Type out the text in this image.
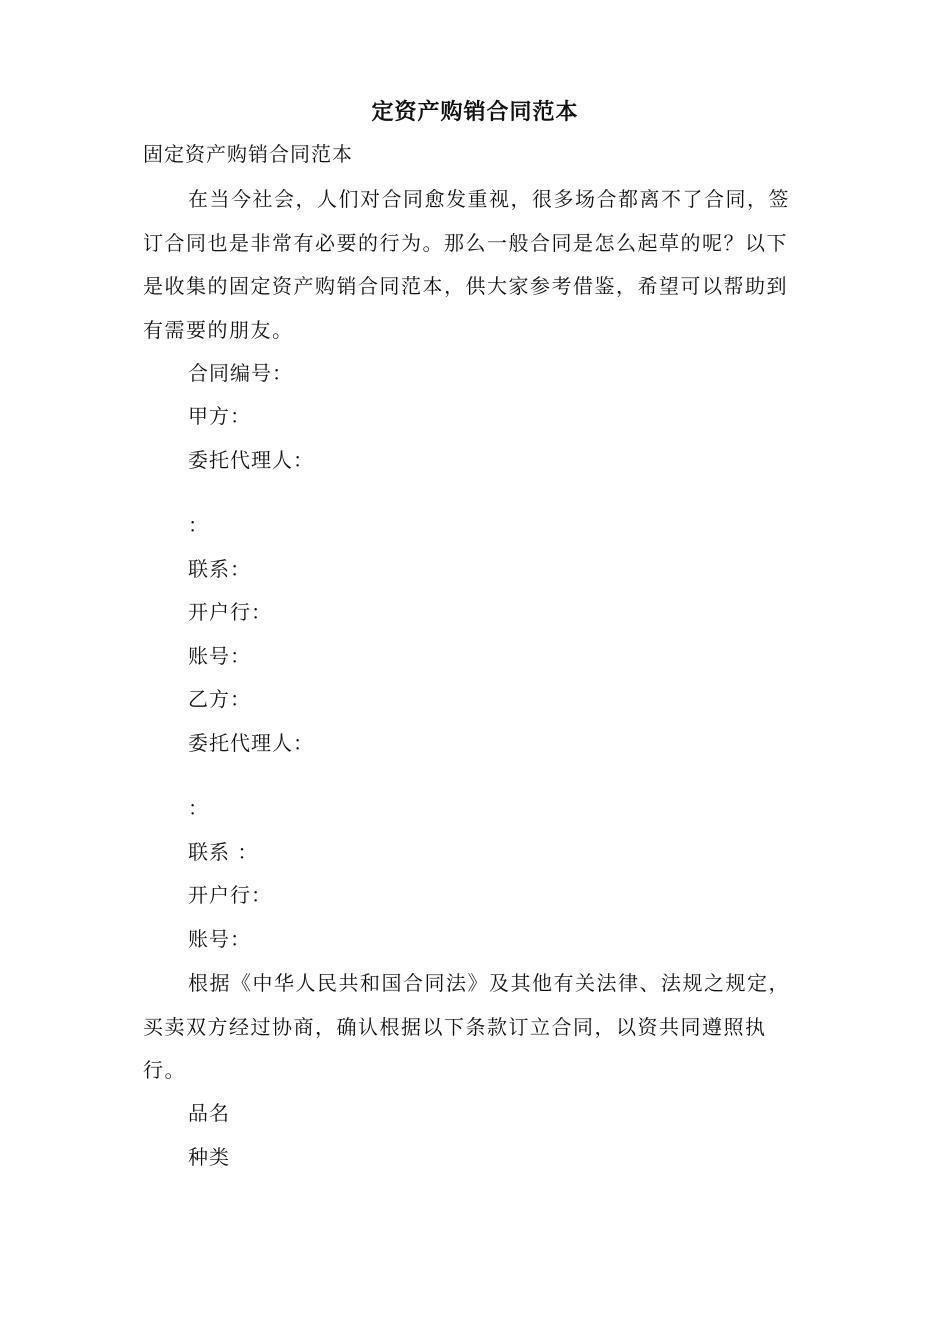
定资产购销合同范本
固定资产购销合同范本

在当今社会，人们对合同愈发重视，很多场合都离不了合同，签订合同也是非常有必要的行为。那么一般合同是怎么起草的呢？以下是收集的固定资产购销合同范本，供大家参考借鉴，希望可以帮助到有需要的朋友。

合同编号：
甲方：
委托代理人：
：
联系：
开户行：
账号：
乙方：
委托代理人：
：
联系 ：
开户行：
账号：

根据《中华人民共和国合同法》及其他有关法律、法规之规定，买卖双方经过协商，确认根据以下条款订立合同，以资共同遵照执行。

品名
种类
